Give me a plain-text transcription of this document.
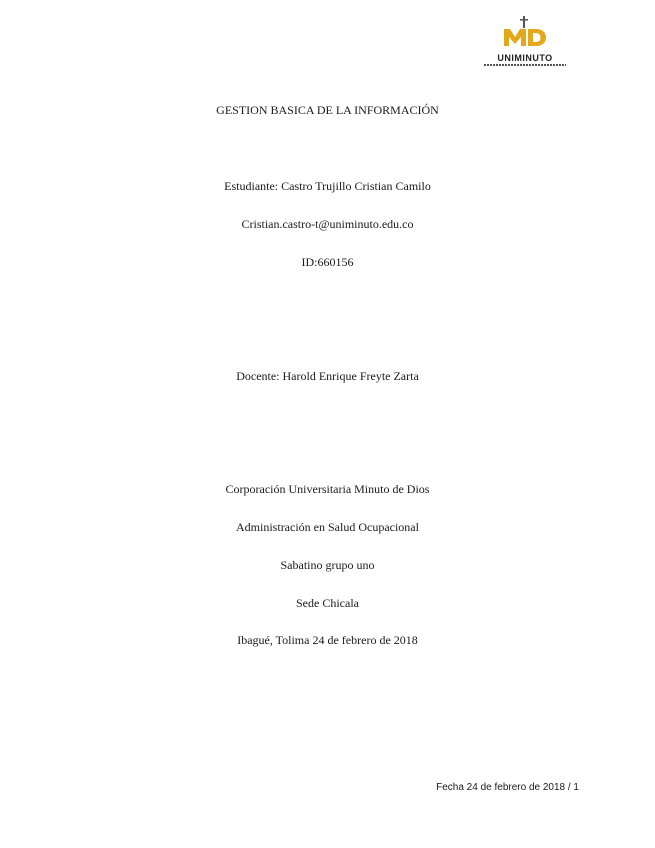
UNIMINUTO
GESTION BASICA DE LA INFORMACIÓN
Estudiante: Castro Trujillo Cristian Camilo
Cristian.castro-t@uniminuto.edu.co
ID:660156
Docente: Harold Enrique Freyte Zarta
Corporación Universitaria Minuto de Dios
Administración en Salud Ocupacional
Sabatino grupo uno
Sede Chicala
Ibagué, Tolima 24 de febrero de 2018
Fecha 24 de febrero de 2018 / 1
